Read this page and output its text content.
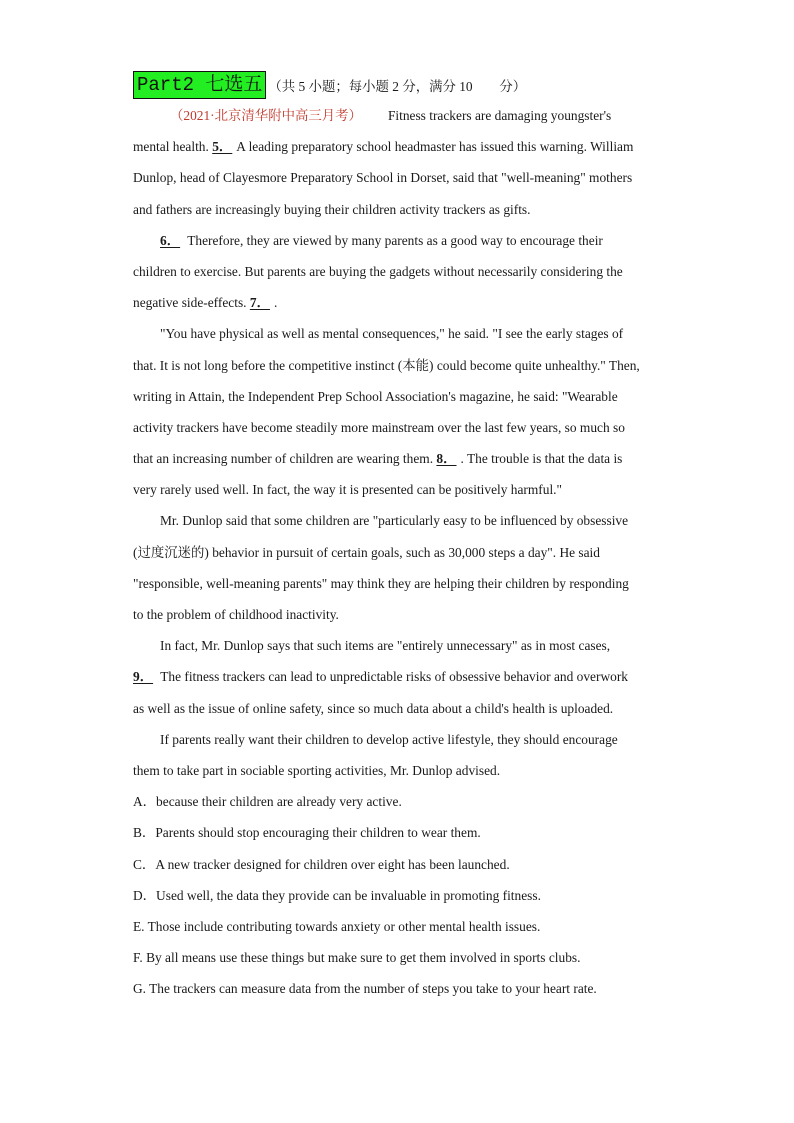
Part2 七选五 （共 5 小题；每小题 2 分，满分 10　　分）
（2021·北京清华附中高三月考） Fitness trackers are damaging youngster's
mental health. 5． A leading preparatory school headmaster has issued this warning. William
Dunlop, head of Clayesmore Preparatory School in Dorset, said that "well-meaning" mothers
and fathers are increasingly buying their children activity trackers as gifts.
6． Therefore, they are viewed by many parents as a good way to encourage their
children to exercise. But parents are buying the gadgets without necessarily considering the
negative side-effects. 7． .
"You have physical as well as mental consequences," he said. "I see the early stages of
that. It is not long before the competitive instinct (本能) could become quite unhealthy." Then,
writing in Attain, the Independent Prep School Association's magazine, he said: "Wearable
activity trackers have become steadily more mainstream over the last few years, so much so
that an increasing number of children are wearing them. 8． . The trouble is that the data is
very rarely used well. In fact, the way it is presented can be positively harmful."
Mr. Dunlop said that some children are "particularly easy to be influenced by obsessive
(过度沉迷的) behavior in pursuit of certain goals, such as 30,000 steps a day". He said
"responsible, well-meaning parents" may think they are helping their children by responding
to the problem of childhood inactivity.
In fact, Mr. Dunlop says that such items are "entirely unnecessary" as in most cases,
9． The fitness trackers can lead to unpredictable risks of obsessive behavior and overwork
as well as the issue of online safety, since so much data about a child's health is uploaded.
If parents really want their children to develop active lifestyle, they should encourage
them to take part in sociable sporting activities, Mr. Dunlop advised.
A．because their children are already very active.
B．Parents should stop encouraging their children to wear them.
C．A new tracker designed for children over eight has been launched.
D．Used well, the data they provide can be invaluable in promoting fitness.
E. Those include contributing towards anxiety or other mental health issues.
F. By all means use these things but make sure to get them involved in sports clubs.
G. The trackers can measure data from the number of steps you take to your heart rate.
